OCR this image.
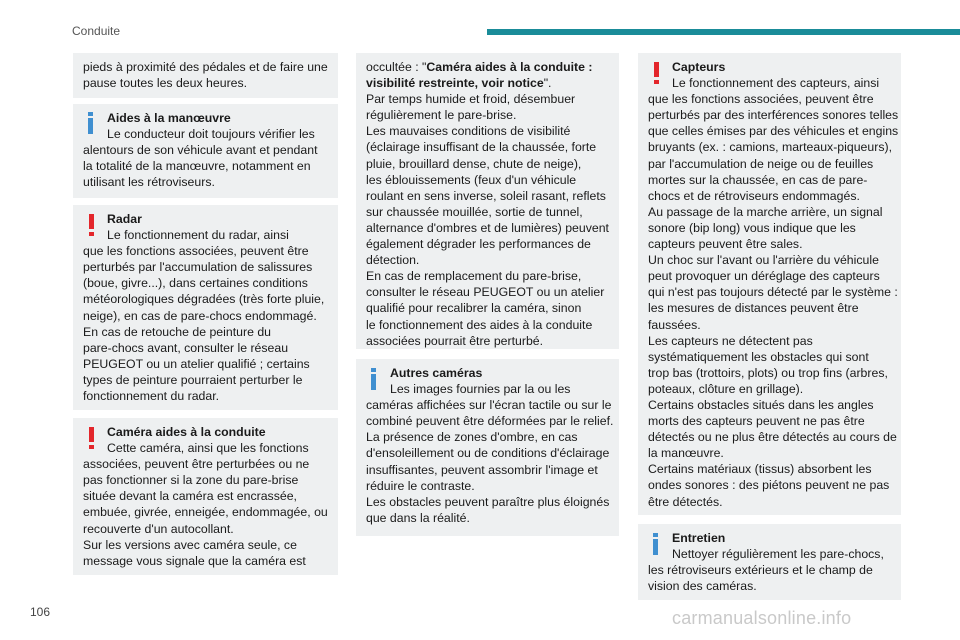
Conduite

pieds à proximité des pédales et de faire une
pause toutes les deux heures.

Aides à la manœuvre

Le conducteur doit toujours vérifier les
alentours de son véhicule avant et pendant
la totalité de la manœuvre, notamment en
utilisant les rétroviseurs.

Radar

Le fonctionnement du radar, ainsi
que les fonctions associées, peuvent être
perturbés par l'accumulation de salissures
(boue, givre...), dans certaines conditions
météorologiques dégradées (très forte pluie,
neige), en cas de pare-chocs endommagé.
En cas de retouche de peinture du
pare-chocs avant, consulter le réseau
PEUGEOT ou un atelier qualifié ; certains
types de peinture pourraient perturber le
fonctionnement du radar.

Caméra aides à la conduite

Cette caméra, ainsi que les fonctions
associées, peuvent être perturbées ou ne
pas fonctionner si la zone du pare-brise
située devant la caméra est encrassée,
embuée, givrée, enneigée, endommagée, ou
recouverte d'un autocollant.
Sur les versions avec caméra seule, ce
message vous signale que la caméra est

occultée : "Caméra aides à la conduite :

visibilité restreinte, voir notice".

Par temps humide et froid, désembuer
régulièrement le pare-brise.
Les mauvaises conditions de visibilité
(éclairage insuffisant de la chaussée, forte
pluie, brouillard dense, chute de neige),
les éblouissements (feux d'un véhicule
roulant en sens inverse, soleil rasant, reflets
sur chaussée mouillée, sortie de tunnel,
alternance d'ombres et de lumières) peuvent
également dégrader les performances de
détection.
En cas de remplacement du pare-brise,
consulter le réseau PEUGEOT ou un atelier
qualifié pour recalibrer la caméra, sinon
le fonctionnement des aides à la conduite
associées pourrait être perturbé.

Autres caméras

Les images fournies par la ou les
caméras affichées sur l'écran tactile ou sur le
combiné peuvent être déformées par le relief.
La présence de zones d'ombre, en cas
d'ensoleillement ou de conditions d'éclairage
insuffisantes, peuvent assombrir l'image et
réduire le contraste.
Les obstacles peuvent paraître plus éloignés
que dans la réalité.

Capteurs

Le fonctionnement des capteurs, ainsi
que les fonctions associées, peuvent être
perturbés par des interférences sonores telles
que celles émises par des véhicules et engins
bruyants (ex. : camions, marteaux-piqueurs),
par l'accumulation de neige ou de feuilles
mortes sur la chaussée, en cas de pare-
chocs et de rétroviseurs endommagés.
Au passage de la marche arrière, un signal
sonore (bip long) vous indique que les
capteurs peuvent être sales.
Un choc sur l'avant ou l'arrière du véhicule
peut provoquer un déréglage des capteurs
qui n'est pas toujours détecté par le système :
les mesures de distances peuvent être
faussées.
Les capteurs ne détectent pas
systématiquement les obstacles qui sont
trop bas (trottoirs, plots) ou trop fins (arbres,
poteaux, clôture en grillage).
Certains obstacles situés dans les angles
morts des capteurs peuvent ne pas être
détectés ou ne plus être détectés au cours de
la manœuvre.
Certains matériaux (tissus) absorbent les
ondes sonores : des piétons peuvent ne pas
être détectés.

Entretien

Nettoyer régulièrement les pare-chocs,
les rétroviseurs extérieurs et le champ de
vision des caméras.
106	carmanualsonline.info
